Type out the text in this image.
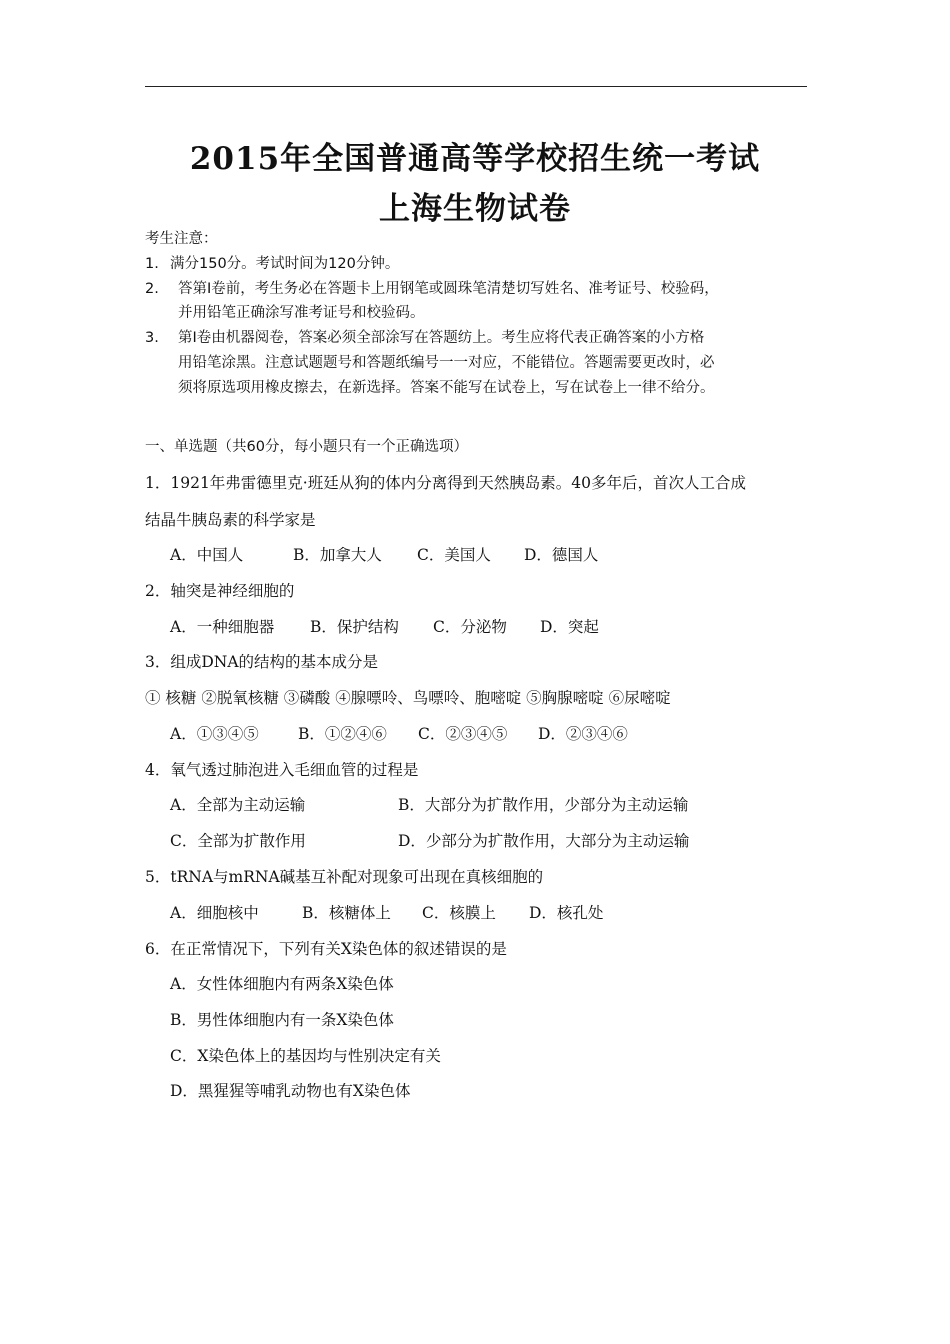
2015年全国普通高等学校招生统一考试
上海生物试卷
考生注意：
1. 满分150分。考试时间为120分钟。
2. 答第Ⅰ卷前，考生务必在答题卡上用钢笔或圆珠笔清楚切写姓名、准考证号、校验码，
并用铅笔正确涂写准考证号和校验码。
3. 第Ⅰ卷由机器阅卷，答案必须全部涂写在答题纺上。考生应将代表正确答案的小方格
用铅笔涂黑。注意试题题号和答题纸编号一一对应，不能错位。答题需要更改时，必
须将原选项用橡皮擦去，在新选择。答案不能写在试卷上，写在试卷上一律不给分。
一、单选题（共60分，每小题只有一个正确选项）
1．1921年弗雷德里克·班廷从狗的体内分离得到天然胰岛素。40多年后，首次人工合成
结晶牛胰岛素的科学家是
A．中国人	B．加拿大人 C．美国人 D．德国人
2．轴突是神经细胞的
A．一种细胞器 B．保护结构 C．分泌物 D．突起
3．组成DNA的结构的基本成分是
① 核糖 ②脱氧核糖 ③磷酸 ④腺嘌呤、鸟嘌呤、胞嘧啶 ⑤胸腺嘧啶 ⑥尿嘧啶
A．①③④⑤	B．①②④⑥ C．②③④⑤ D．②③④⑥
4．氧气透过肺泡进入毛细血管的过程是
A．全部为主动运输	B．大部分为扩散作用，少部分为主动运输
C．全部为扩散作用	D．少部分为扩散作用，大部分为主动运输
5．tRNA与mRNA碱基互补配对现象可出现在真核细胞的
A．细胞核中	B．核糖体上 C．核膜上 D．核孔处
6．在正常情况下，下列有关X染色体的叙述错误的是
A．女性体细胞内有两条X染色体
B．男性体细胞内有一条X染色体
C．X染色体上的基因均与性别决定有关
D．黑猩猩等哺乳动物也有X染色体
